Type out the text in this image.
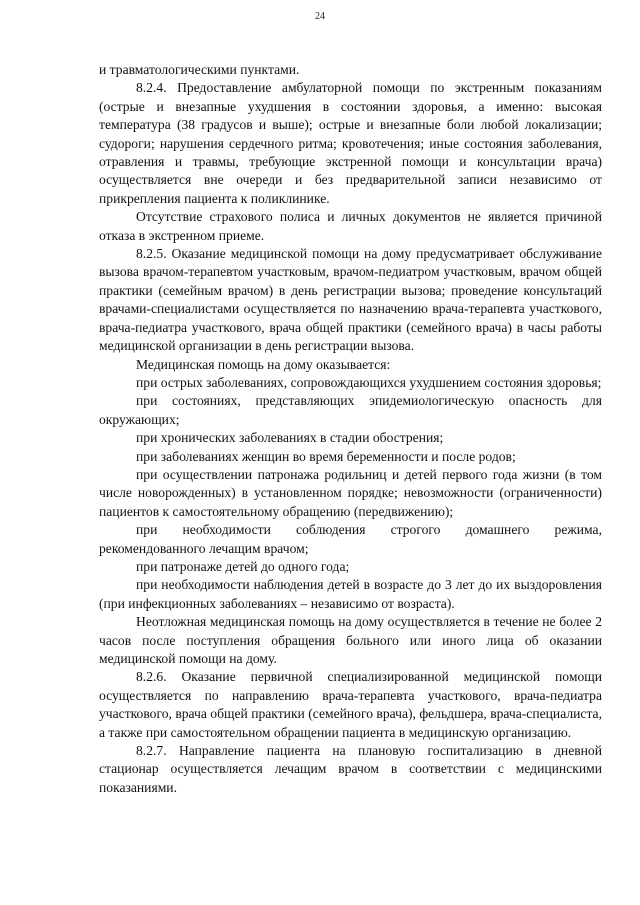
24

и травматологическими пунктами.

8.2.4. Предоставление амбулаторной помощи по экстренным показаниям (острые и внезапные ухудшения в состоянии здоровья, а именно: высокая температура (38 градусов и выше); острые и внезапные боли любой локализации; судороги; нарушения сердечного ритма; кровотечения; иные состояния заболевания, отравления и травмы, требующие экстренной помощи и консультации врача) осуществляется вне очереди и без предварительной записи независимо от прикрепления пациента к поликлинике.

Отсутствие страхового полиса и личных документов не является причиной отказа в экстренном приеме.

8.2.5. Оказание медицинской помощи на дому предусматривает обслуживание вызова врачом-терапевтом участковым, врачом-педиатром участковым, врачом общей практики (семейным врачом) в день регистрации вызова; проведение консультаций врачами-специалистами осуществляется по назначению врача-терапевта участкового, врача-педиатра участкового, врача общей практики (семейного врача) в часы работы медицинской организации в день регистрации вызова.

Медицинская помощь на дому оказывается:

при острых заболеваниях, сопровождающихся ухудшением состояния здоровья;

при состояниях, представляющих эпидемиологическую опасность для окружающих;

при хронических заболеваниях в стадии обострения;

при заболеваниях женщин во время беременности и после родов;

при осуществлении патронажа родильниц и детей первого года жизни (в том числе новорожденных) в установленном порядке; невозможности (ограниченности) пациентов к самостоятельному обращению (передвижению);

при необходимости соблюдения строгого домашнего режима, рекомендованного лечащим врачом;

при патронаже детей до одного года;

при необходимости наблюдения детей в возрасте до 3 лет до их выздоровления (при инфекционных заболеваниях – независимо от возраста).

Неотложная медицинская помощь на дому осуществляется в течение не более 2 часов после поступления обращения больного или иного лица об оказании медицинской помощи на дому.

8.2.6. Оказание первичной специализированной медицинской помощи осуществляется по направлению врача-терапевта участкового, врача-педиатра участкового, врача общей практики (семейного врача), фельдшера, врача-специалиста, а также при самостоятельном обращении пациента в медицинскую организацию.

8.2.7. Направление пациента на плановую госпитализацию в дневной стационар осуществляется лечащим врачом в соответствии с медицинскими показаниями.
